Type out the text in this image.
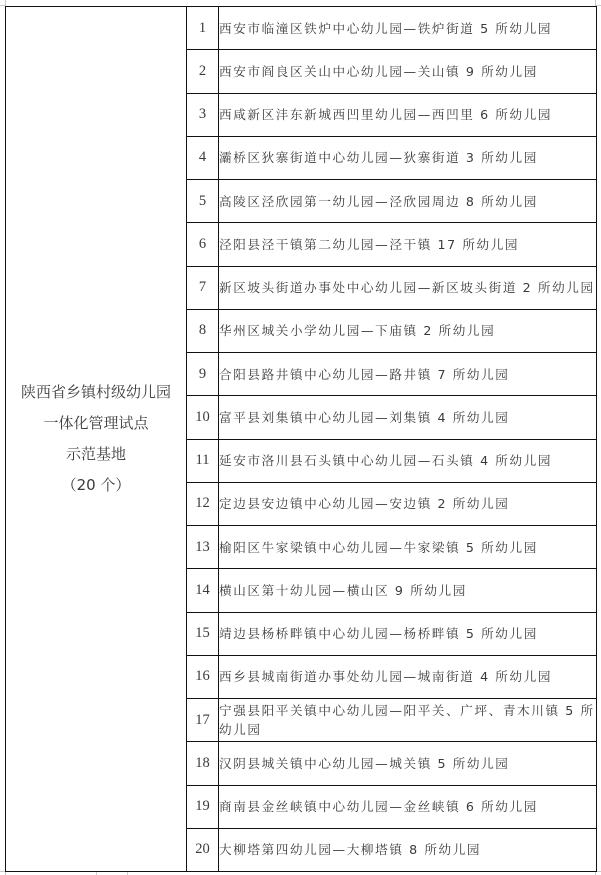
陕西省乡镇村级幼儿园
一体化管理试点
示范基地
（20 个）	1	西安市临潼区铁炉中心幼儿园—铁炉街道 5 所幼儿园
	2	西安市阎良区关山中心幼儿园—关山镇 9 所幼儿园
	3	西咸新区沣东新城西凹里幼儿园—西凹里 6 所幼儿园
	4	灞桥区狄寨街道中心幼儿园—狄寨街道 3 所幼儿园
	5	高陵区泾欣园第一幼儿园—泾欣园周边 8 所幼儿园
	6	泾阳县泾干镇第二幼儿园—泾干镇 17 所幼儿园
	7	新区坡头街道办事处中心幼儿园—新区坡头街道 2 所幼儿园
	8	华州区城关小学幼儿园—下庙镇 2 所幼儿园
	9	合阳县路井镇中心幼儿园—路井镇 7 所幼儿园
	10	富平县刘集镇中心幼儿园—刘集镇 4 所幼儿园
	11	延安市洛川县石头镇中心幼儿园—石头镇 4 所幼儿园
	12	定边县安边镇中心幼儿园—安边镇 2 所幼儿园
	13	榆阳区牛家梁镇中心幼儿园—牛家梁镇 5 所幼儿园
	14	横山区第十幼儿园—横山区 9 所幼儿园
	15	靖边县杨桥畔镇中心幼儿园—杨桥畔镇 5 所幼儿园
	16	西乡县城南街道办事处幼儿园—城南街道 4 所幼儿园
	17	宁强县阳平关镇中心幼儿园—阳平关、广坪、青木川镇 5 所幼儿园
	18	汉阴县城关镇中心幼儿园—城关镇 5 所幼儿园
	19	商南县金丝峡镇中心幼儿园—金丝峡镇 6 所幼儿园
	20	大柳塔第四幼儿园—大柳塔镇 8 所幼儿园
